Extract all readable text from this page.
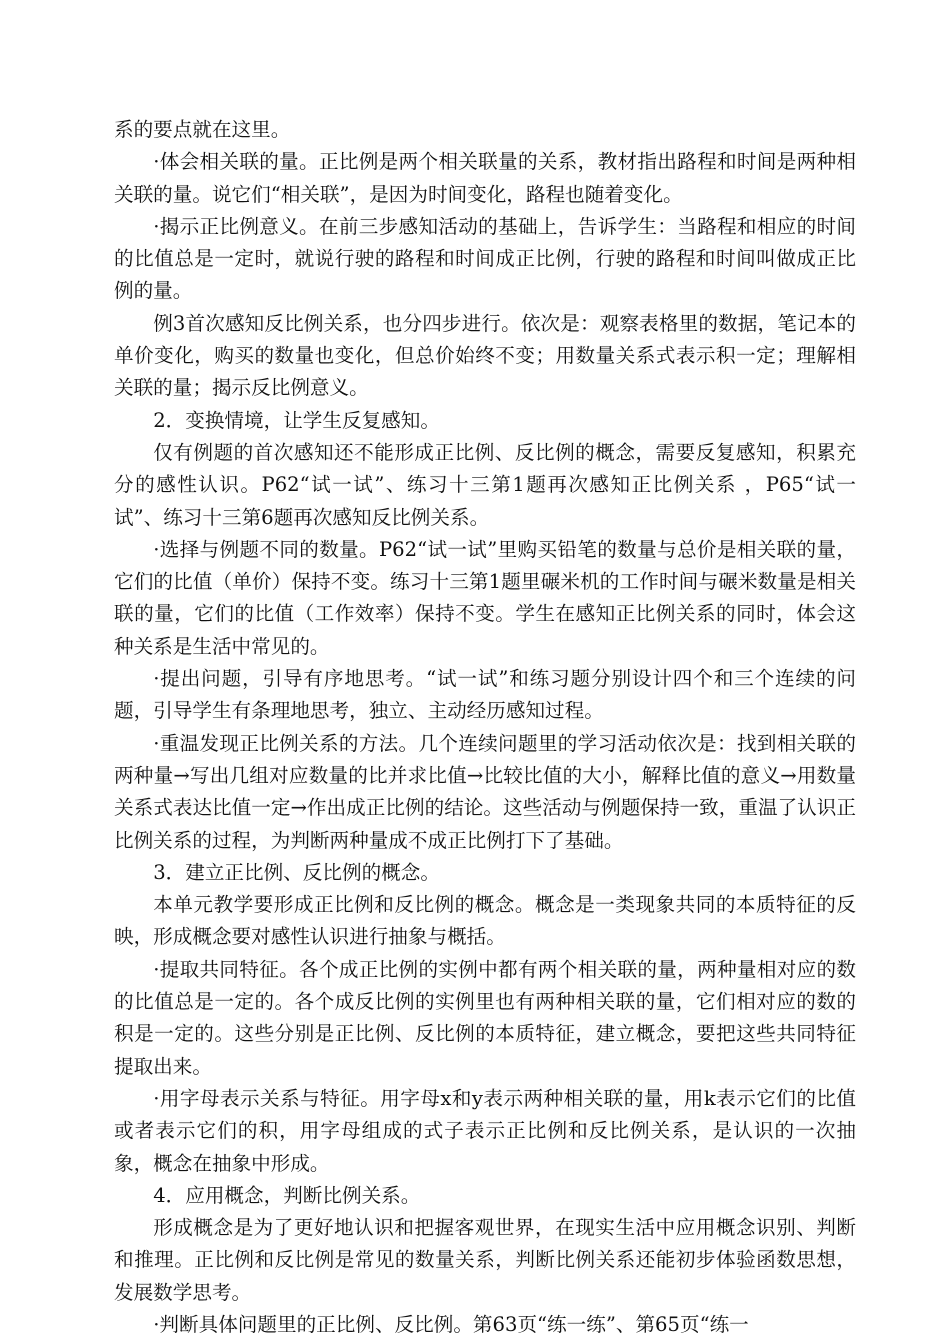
系的要点就在这里。

·体会相关联的量。正比例是两个相关联量的关系，教材指出路程和时间是两种相关联的量。说它们“相关联”，是因为时间变化，路程也随着变化。

·揭示正比例意义。在前三步感知活动的基础上，告诉学生：当路程和相应的时间的比值总是一定时，就说行驶的路程和时间成正比例，行驶的路程和时间叫做成正比例的量。

例3首次感知反比例关系，也分四步进行。依次是：观察表格里的数据，笔记本的单价变化，购买的数量也变化，但总价始终不变；用数量关系式表示积一定；理解相关联的量；揭示反比例意义。

2．变换情境，让学生反复感知。

仅有例题的首次感知还不能形成正比例、反比例的概念，需要反复感知，积累充分的感性认识。P62“试一试”、练习十三第1题再次感知正比例关系 ，P65“试一试”、练习十三第6题再次感知反比例关系。

·选择与例题不同的数量。P62“试一试”里购买铅笔的数量与总价是相关联的量，它们的比值（单价）保持不变。练习十三第1题里碾米机的工作时间与碾米数量是相关联的量，它们的比值（工作效率）保持不变。学生在感知正比例关系的同时，体会这种关系是生活中常见的。

·提出问题，引导有序地思考。“试一试”和练习题分别设计四个和三个连续的问题，引导学生有条理地思考，独立、主动经历感知过程。

·重温发现正比例关系的方法。几个连续问题里的学习活动依次是：找到相关联的两种量→写出几组对应数量的比并求比值→比较比值的大小，解释比值的意义→用数量关系式表达比值一定→作出成正比例的结论。这些活动与例题保持一致，重温了认识正比例关系的过程，为判断两种量成不成正比例打下了基础。

3．建立正比例、反比例的概念。

本单元教学要形成正比例和反比例的概念。概念是一类现象共同的本质特征的反映，形成概念要对感性认识进行抽象与概括。

·提取共同特征。各个成正比例的实例中都有两个相关联的量，两种量相对应的数的比值总是一定的。各个成反比例的实例里也有两种相关联的量，它们相对应的数的积是一定的。这些分别是正比例、反比例的本质特征，建立概念，要把这些共同特征提取出来。

·用字母表示关系与特征。用字母x和y表示两种相关联的量，用k表示它们的比值或者表示它们的积，用字母组成的式子表示正比例和反比例关系，是认识的一次抽象，概念在抽象中形成。

4．应用概念，判断比例关系。

形成概念是为了更好地认识和把握客观世界，在现实生活中应用概念识别、判断和推理。正比例和反比例是常见的数量关系，判断比例关系还能初步体验函数思想，发展数学思考。

·判断具体问题里的正比例、反比例。第63页“练一练”、第65页“练一
